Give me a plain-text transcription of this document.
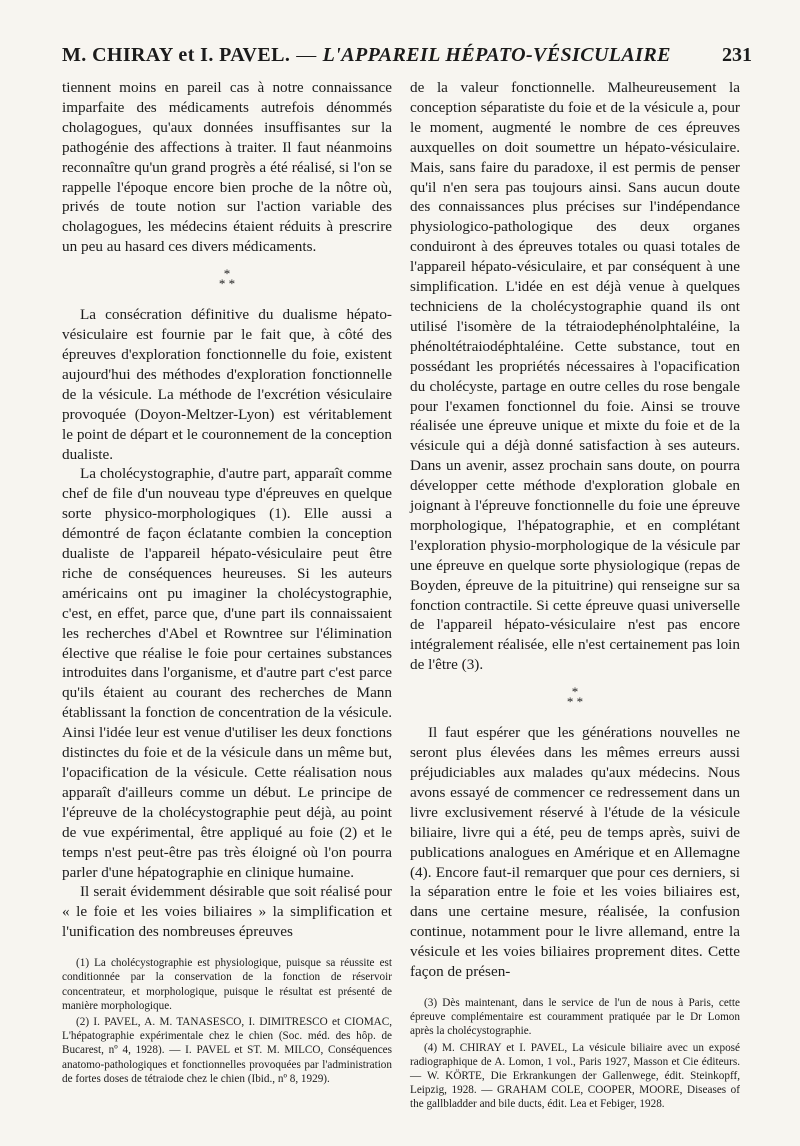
M. CHIRAY et I. PAVEL. — L'APPAREIL HÉPATO-VÉSICULAIRE	231

tiennent moins en pareil cas à notre connaissance imparfaite des médicaments autrefois dénommés cholagogues, qu'aux données insuffisantes sur la pathogénie des affections à traiter. Il faut néanmoins reconnaître qu'un grand progrès a été réalisé, si l'on se rappelle l'époque encore bien proche de la nôtre où, privés de toute notion sur l'action variable des cholagogues, les médecins étaient réduits à prescrire un peu au hasard ces divers médicaments.

*
* *

La consécration définitive du dualisme hépato-vésiculaire est fournie par le fait que, à côté des épreuves d'exploration fonctionnelle du foie, existent aujourd'hui des méthodes d'exploration fonctionnelle de la vésicule. La méthode de l'excrétion vésiculaire provoquée (Doyon-Meltzer-Lyon) est véritablement le point de départ et le couronnement de la conception dualiste.

La cholécystographie, d'autre part, apparaît comme chef de file d'un nouveau type d'épreuves en quelque sorte physico-morphologiques (1). Elle aussi a démontré de façon éclatante combien la conception dualiste de l'appareil hépato-vésiculaire peut être riche de conséquences heureuses. Si les auteurs américains ont pu imaginer la cholécystographie, c'est, en effet, parce que, d'une part ils connaissaient les recherches d'Abel et Rowntree sur l'élimination élective que réalise le foie pour certaines substances introduites dans l'organisme, et d'autre part c'est parce qu'ils étaient au courant des recherches de Mann établissant la fonction de concentration de la vésicule. Ainsi l'idée leur est venue d'utiliser les deux fonctions distinctes du foie et de la vésicule dans un même but, l'opacification de la vésicule. Cette réalisation nous apparaît d'ailleurs comme un début. Le principe de l'épreuve de la cholécystographie peut déjà, au point de vue expérimental, être appliqué au foie (2) et le temps n'est peut-être pas très éloigné où l'on pourra parler d'une hépatographie en clinique humaine.

Il serait évidemment désirable que soit réalisé pour « le foie et les voies biliaires » la simplification et l'unification des nombreuses épreuves

(1) La cholécystographie est physiologique, puisque sa réussite est conditionnée par la conservation de la fonction de réservoir concentrateur, et morphologique, puisque le résultat est présenté de manière morphologique.

(2) I. PAVEL, A. M. TANASESCO, I. DIMITRESCO et CIOMAC, L'hépatographie expérimentale chez le chien (Soc. méd. des hôp. de Bucarest, nº 4, 1928). — I. PAVEL et ST. M. MILCO, Conséquences anatomo-pathologiques et fonctionnelles provoquées par l'administration de fortes doses de tétraiode chez le chien (Ibid., nº 8, 1929).

de la valeur fonctionnelle. Malheureusement la conception séparatiste du foie et de la vésicule a, pour le moment, augmenté le nombre de ces épreuves auxquelles on doit soumettre un hépato-vésiculaire. Mais, sans faire du paradoxe, il est permis de penser qu'il n'en sera pas toujours ainsi. Sans aucun doute des connaissances plus précises sur l'indépendance physiologico-pathologique des deux organes conduiront à des épreuves totales ou quasi totales de l'appareil hépato-vésiculaire, et par conséquent à une simplification. L'idée en est déjà venue à quelques techniciens de la cholécystographie quand ils ont utilisé l'isomère de la tétraiodephénolphtaléine, la phénoltétraiodéphtaléine. Cette substance, tout en possédant les propriétés nécessaires à l'opacification du cholécyste, partage en outre celles du rose bengale pour l'examen fonctionnel du foie. Ainsi se trouve réalisée une épreuve unique et mixte du foie et de la vésicule qui a déjà donné satisfaction à ses auteurs. Dans un avenir, assez prochain sans doute, on pourra développer cette méthode d'exploration globale en joignant à l'épreuve fonctionnelle du foie une épreuve morphologique, l'hépatographie, et en complétant l'exploration physio-morphologique de la vésicule par une épreuve en quelque sorte physiologique (repas de Boyden, épreuve de la pituitrine) qui renseigne sur sa fonction contractile. Si cette épreuve quasi universelle de l'appareil hépato-vésiculaire n'est pas encore intégralement réalisée, elle n'est certainement pas loin de l'être (3).

*
* *

Il faut espérer que les générations nouvelles ne seront plus élevées dans les mêmes erreurs aussi préjudiciables aux malades qu'aux médecins. Nous avons essayé de commencer ce redressement dans un livre exclusivement réservé à l'étude de la vésicule biliaire, livre qui a été, peu de temps après, suivi de publications analogues en Amérique et en Allemagne (4). Encore faut-il remarquer que pour ces derniers, si la séparation entre le foie et les voies biliaires est, dans une certaine mesure, réalisée, la confusion continue, notamment pour le livre allemand, entre la vésicule et les voies biliaires proprement dites. Cette façon de présen-

(3) Dès maintenant, dans le service de l'un de nous à Paris, cette épreuve complémentaire est couramment pratiquée par le Dr Lomon après la cholécystographie.

(4) M. CHIRAY et I. PAVEL, La vésicule biliaire avec un exposé radiographique de A. Lomon, 1 vol., Paris 1927, Masson et Cie éditeurs. — W. KÖRTE, Die Erkrankungen der Gallenwege, édit. Steinkopff, Leipzig, 1928. — GRAHAM COLE, COOPER, MOORE, Diseases of the gallbladder and bile ducts, édit. Lea et Febiger, 1928.
